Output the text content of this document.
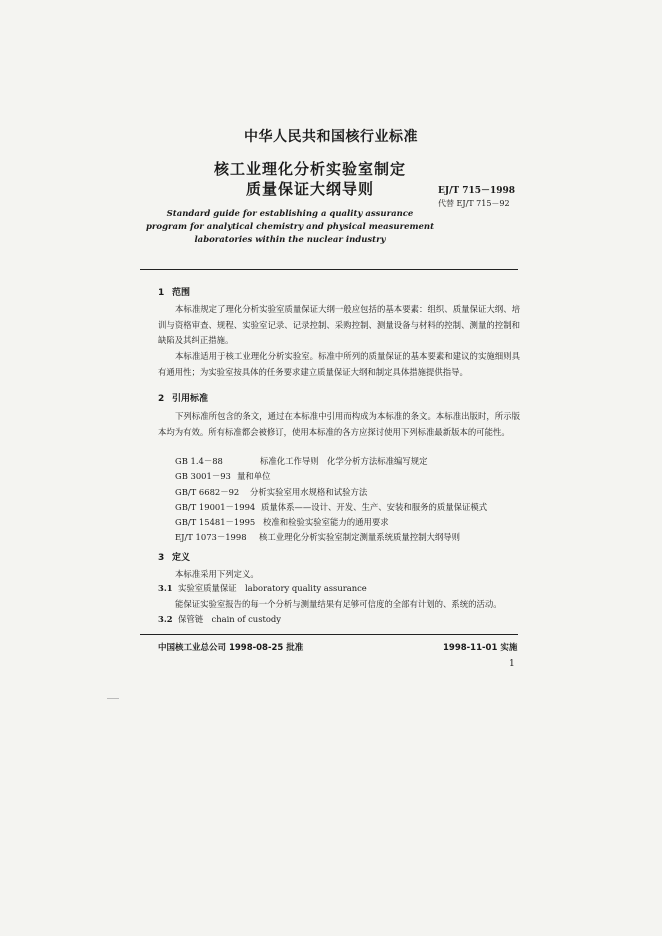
中华人民共和国核行业标准
核工业理化分析实验室制定
质量保证大纲导则	EJ/T 715－1998
代替 EJ/T 715－92
Standard guide for establishing a quality assurance
program for analytical chemistry and physical measurement
laboratories within the nuclear industry
1 范围
本标准规定了理化分析实验室质量保证大纲一般应包括的基本要素：组织、质量保证大纲、培训与资格审查、规程、实验室记录、记录控制、采购控制、测量设备与材料的控制、测量的控制和缺陷及其纠正措施。
本标准适用于核工业理化分析实验室。标准中所列的质量保证的基本要素和建议的实施细则具有通用性；为实验室按具体的任务要求建立质量保证大纲和制定具体措施提供指导。
2 引用标准
下列标准所包含的条文，通过在本标准中引用而构成为本标准的条文。本标准出版时，所示版本均为有效。所有标准都会被修订，使用本标准的各方应探讨使用下列标准最新版本的可能性。
GB 1.4－88	标准化工作导则　化学分析方法标准编写规定
GB 3001－93 量和单位
GB/T 6682－92 分析实验室用水规格和试验方法
GB/T 19001－1994 质量体系——设计、开发、生产、安装和服务的质量保证模式
GB/T 15481－1995 校准和检验实验室能力的通用要求
EJ/T 1073－1998 核工业理化分析实验室制定测量系统质量控制大纲导则
3 定义
本标准采用下列定义。
3.1 实验室质量保证　laboratory quality assurance
能保证实验室报告的每一个分析与测量结果有足够可信度的全部有计划的、系统的活动。
3.2 保管链　chain of custody
中国核工业总公司 1998-08-25 批准	1998-11-01 实施
1
